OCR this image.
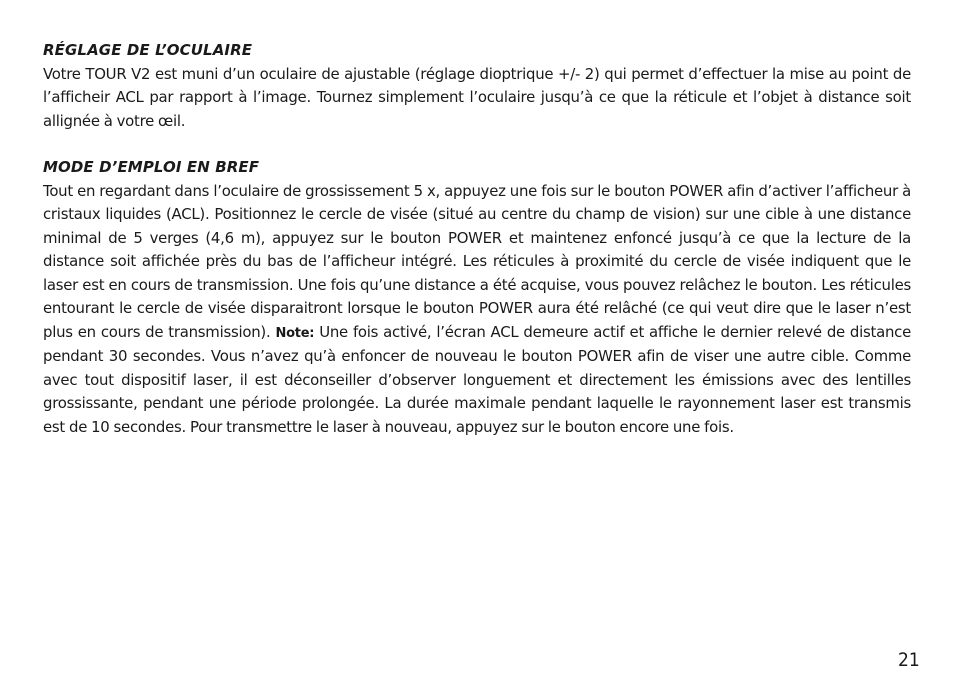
RÉGLAGE DE L’OCULAIRE

Votre TOUR V2 est muni d’un oculaire de ajustable (réglage dioptrique +/- 2) qui permet d’effectuer la mise au point de l’afficheir ACL par rapport à l’image. Tournez simplement l’oculaire jusqu’à ce que la réticule et l’objet à distance soit allignée à votre œil.

MODE D’EMPLOI EN BREF

Tout en regardant dans l’oculaire de grossissement 5 x, appuyez une fois sur le bouton POWER afin d’activer l’afficheur à cristaux liquides (ACL). Positionnez le cercle de visée (situé au centre du champ de vision) sur une cible à une distance minimal de 5 verges (4,6 m), appuyez sur le bouton POWER et maintenez enfoncé jusqu’à ce que la lecture de la distance soit affichée près du bas de l’afficheur intégré. Les réticules à proximité du cercle de visée indiquent que le laser est en cours de transmission. Une fois qu’une distance a été acquise, vous pouvez relâchez le bouton. Les réticules entourant le cercle de visée disparaitront lorsque le bouton POWER aura été relâché (ce qui veut dire que le laser n’est plus en cours de transmission). Note: Une fois activé, l’écran ACL demeure actif et affiche le dernier relevé de distance pendant 30 secondes. Vous n’avez qu’à enfoncer de nouveau le bouton POWER afin de viser une autre cible. Comme avec tout dispositif laser, il est déconseiller d’observer longuement et directement les émissions avec des lentilles grossissante, pendant une période prolongée. La durée maximale pendant laquelle le rayonnement laser est transmis est de 10 secondes. Pour transmettre le laser à nouveau, appuyez sur le bouton encore une fois.

21
